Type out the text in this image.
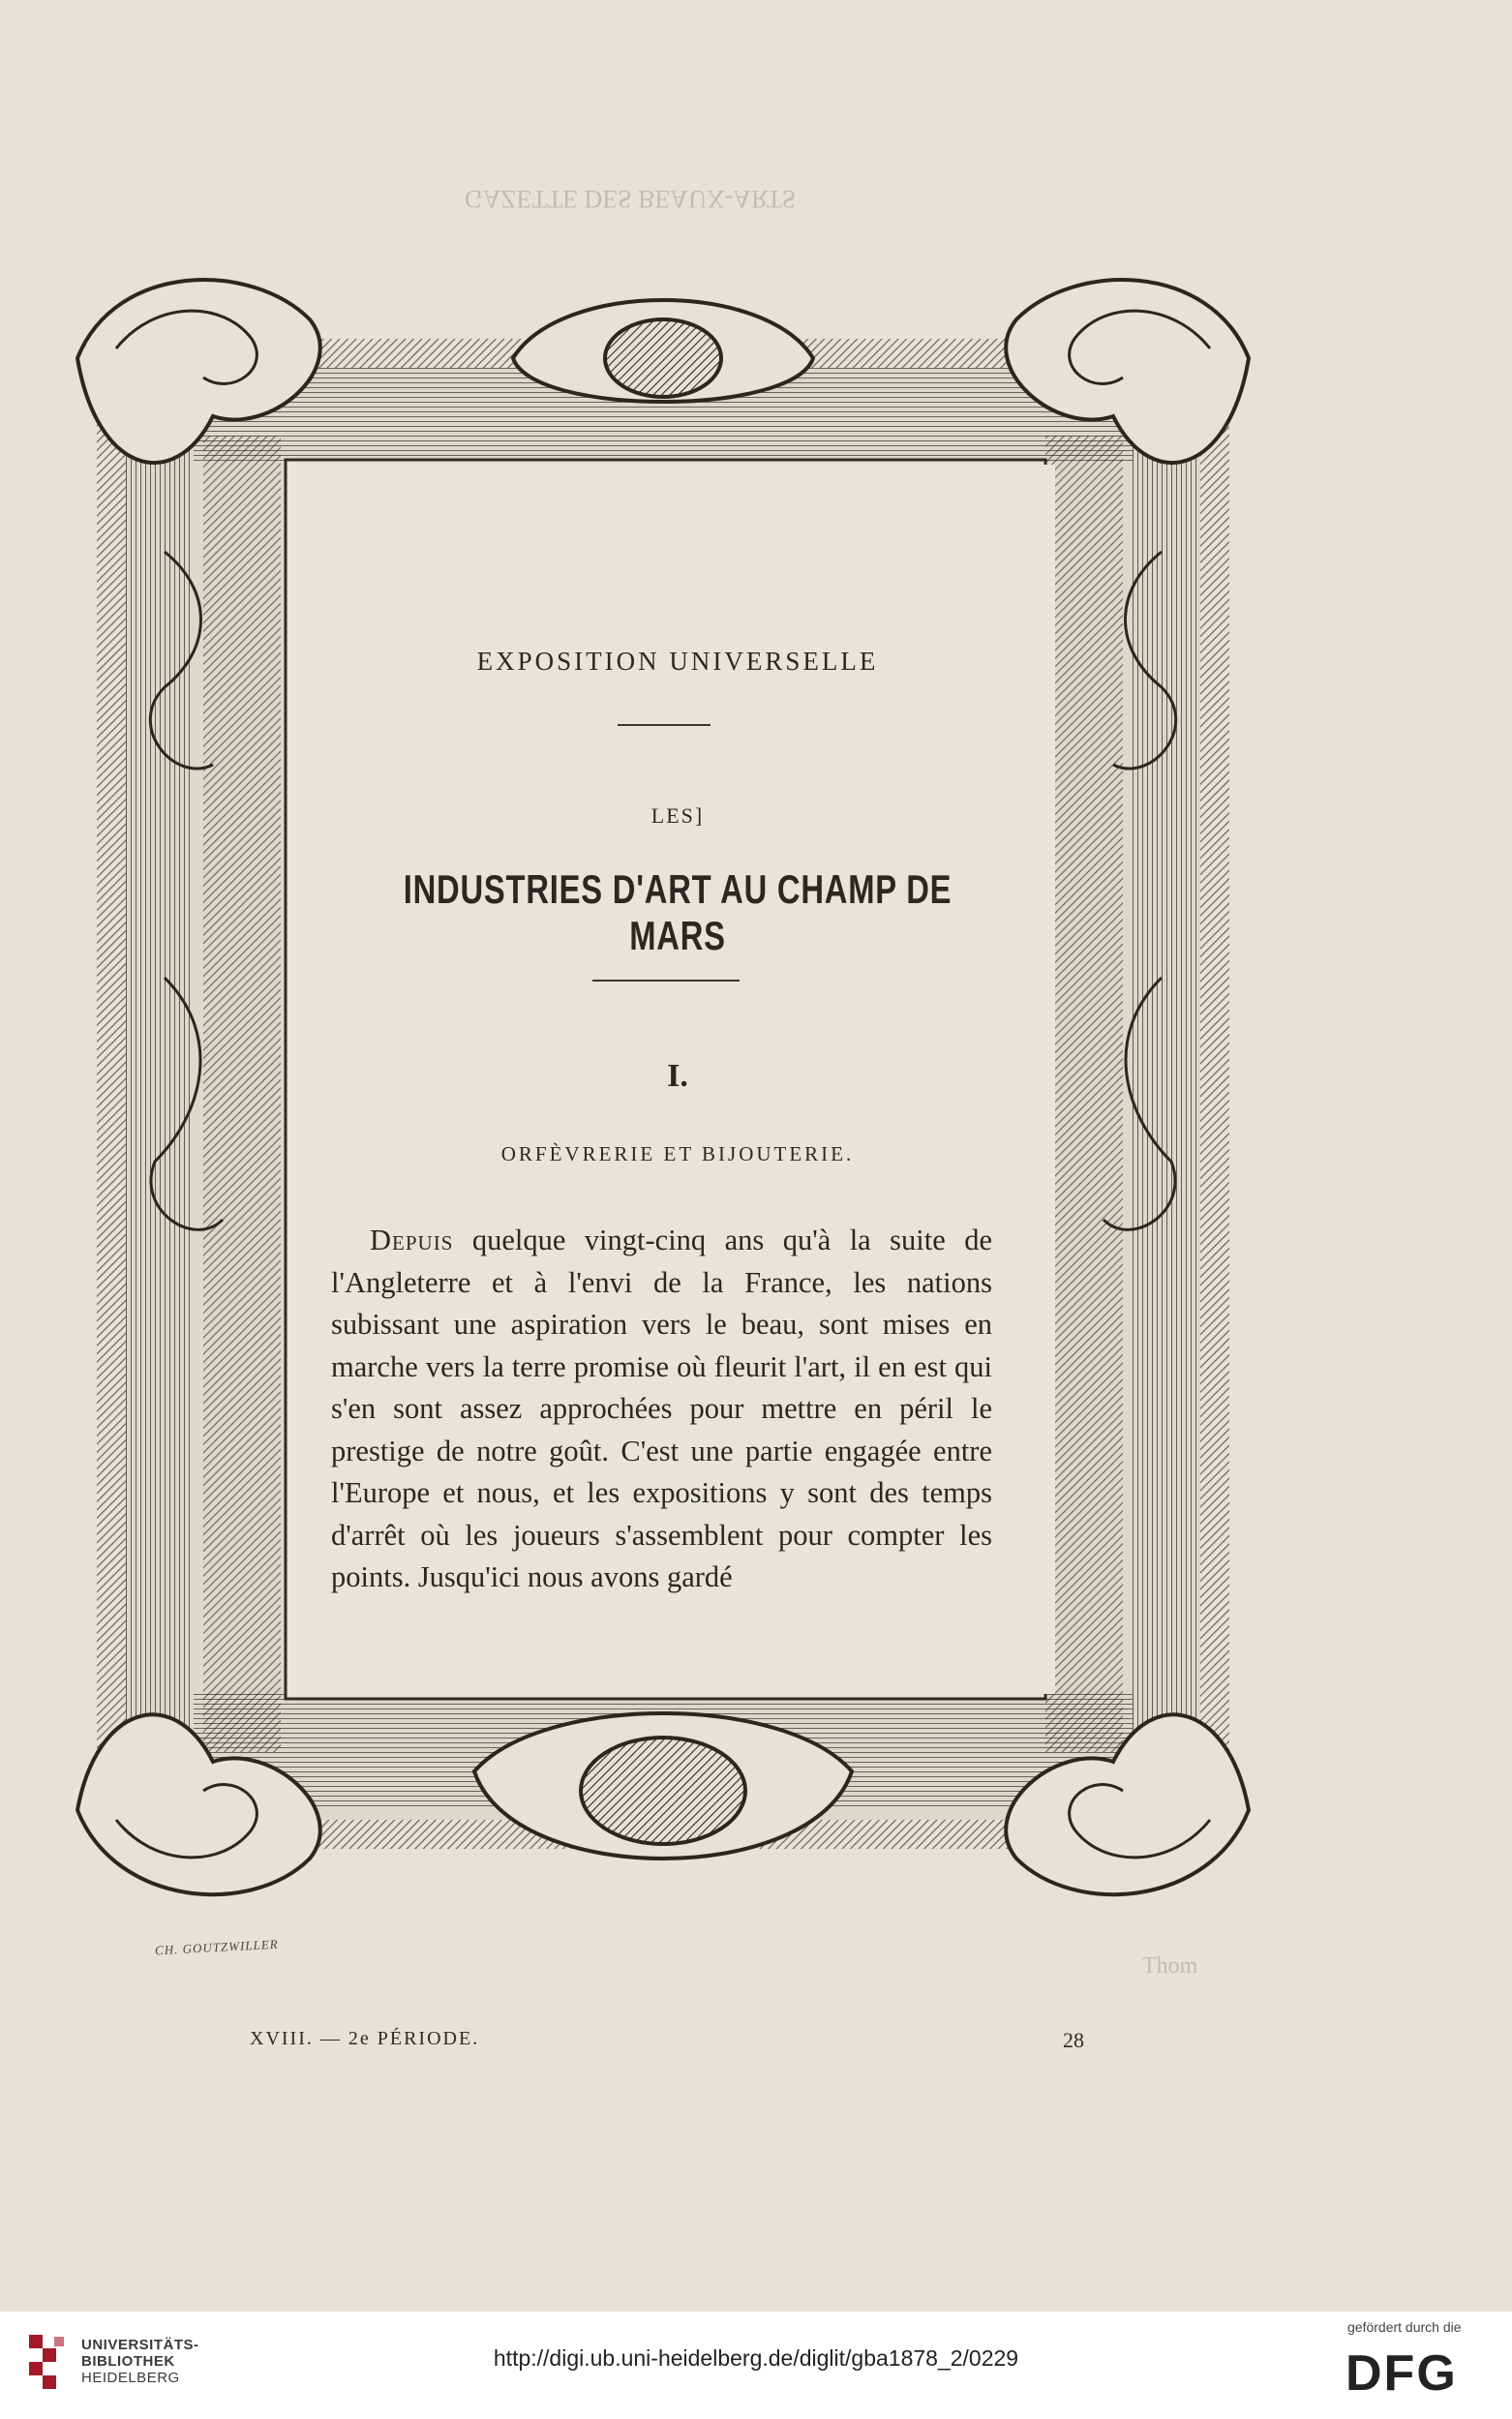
GAZETTE DES BEAUX-ARTS
EXPOSITION UNIVERSELLE
LES]
INDUSTRIES D'ART AU CHAMP DE MARS
I.
ORFÈVRERIE ET BIJOUTERIE.

Depuis quelque vingt-cinq ans qu'à la suite de l'Angleterre et à l'envi de la France, les nations subissant une aspiration vers le beau, sont mises en marche vers la terre promise où fleurit l'art, il en est qui s'en sont assez approchées pour mettre en péril le prestige de notre goût. C'est une partie engagée entre l'Europe et nous, et les expositions y sont des temps d'arrêt où les joueurs s'assemblent pour compter les points. Jusqu'ici nous avons gardé

CH. GOUTZWILLER
Thom
XVIII. — 2e PÉRIODE.	28
UNIVERSITÄTS-
BIBLIOTHEK
HEIDELBERG
http://digi.ub.uni-heidelberg.de/diglit/gba1878_2/0229
gefördert durch die
DFG
